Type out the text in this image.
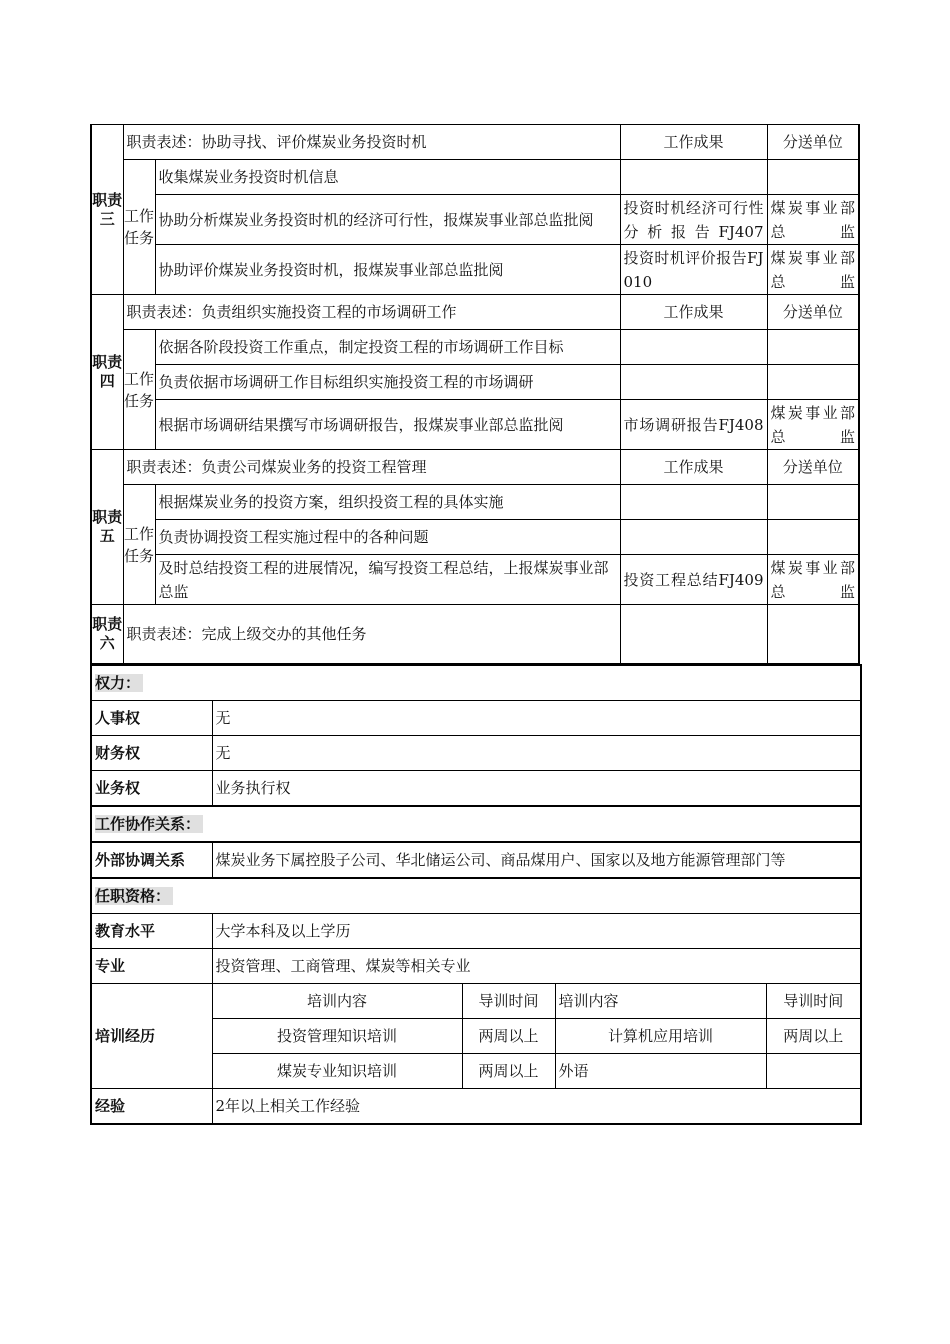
职责三	职责表述：协助寻找、评价煤炭业务投资时机		工作成果	分送单位
	工作任务	收集煤炭业务投资时机信息		
		协助分析煤炭业务投资时机的经济可行性，报煤炭事业部总监批阅	投资时机经济可行性分析报告FJ407	煤炭事业部总监
		协助评价煤炭业务投资时机，报煤炭事业部总监批阅	投资时机评价报告FJ010	煤炭事业部总监
职责四	职责表述：负责组织实施投资工程的市场调研工作		工作成果	分送单位
	工作任务	依据各阶段投资工作重点，制定投资工程的市场调研工作目标		
		负责依据市场调研工作目标组织实施投资工程的市场调研		
		根据市场调研结果撰写市场调研报告，报煤炭事业部总监批阅	市场调研报告FJ408	煤炭事业部总监
职责五	职责表述：负责公司煤炭业务的投资工程管理		工作成果	分送单位
	工作任务	根据煤炭业务的投资方案，组织投资工程的具体实施		
		负责协调投资工程实施过程中的各种问题		
		及时总结投资工程的进展情况，编写投资工程总结，上报煤炭事业部总监	投资工程总结FJ409	煤炭事业部总监
职责六	职责表述：完成上级交办的其他任务			
权力：				
人事权	无			
财务权	无			
业务权	业务执行权			
工作协作关系：				
外部协调关系	煤炭业务下属控股子公司、华北储运公司、商品煤用户、国家以及地方能源管理部门等			
任职资格：				
教育水平	大学本科及以上学历			
专业	投资管理、工商管理、煤炭等相关专业			
培训经历	培训内容	导训时间	培训内容	导训时间
	投资管理知识培训	两周以上	计算机应用培训	两周以上
	煤炭专业知识培训	两周以上	外语	
经验	2年以上相关工作经验			
